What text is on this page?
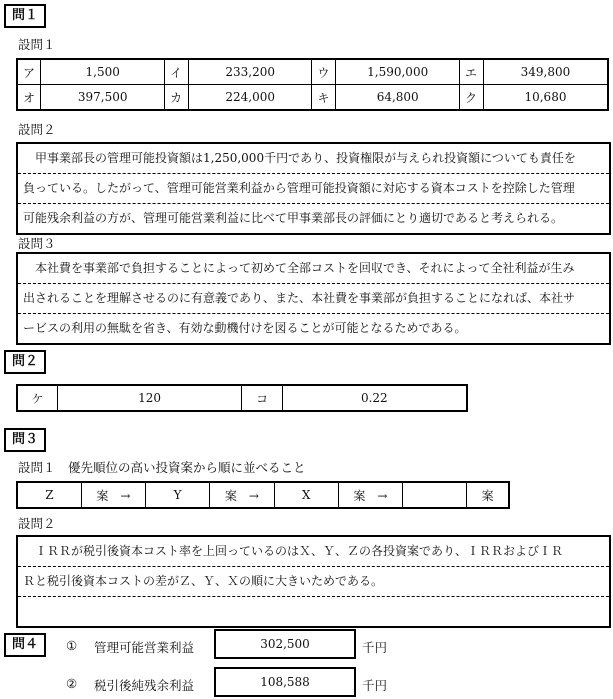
問１
設問１
ア	1,500	イ	233,200	ウ	1,590,000	エ	349,800
オ	397,500	カ	224,000	キ	64,800	ク	10,680
設問２
　甲事業部長の管理可能投資額は1,250,000千円であり、投資権限が与えられ投資額についても責任を
負っている。したがって、管理可能営業利益から管理可能投資額に対応する資本コストを控除した管理
可能残余利益の方が、管理可能営業利益に比べて甲事業部長の評価にとり適切であると考えられる。
設問３
　本社費を事業部で負担することによって初めて全部コストを回収でき、それによって全社利益が生み
出されることを理解させるのに有意義であり、また、本社費を事業部が負担することになれば、本社サ
ービスの利用の無駄を省き、有効な動機付けを図ることが可能となるためである。
問２
ケ	120	コ	0.22
問３
設問１　優先順位の高い投資案から順に並べること
Z	案　→	Y	案　→	X	案　→		案
設問２
　ＩＲＲが税引後資本コスト率を上回っているのはＸ、Ｙ、Ｚの各投資案であり、ＩＲＲおよびＩＲ
Ｒと税引後資本コストの差がＺ、Ｙ、Ｘの順に大きいためである。
問４	① 管理可能営業利益	302,500	千円
② 税引後純残余利益	108,588	千円
